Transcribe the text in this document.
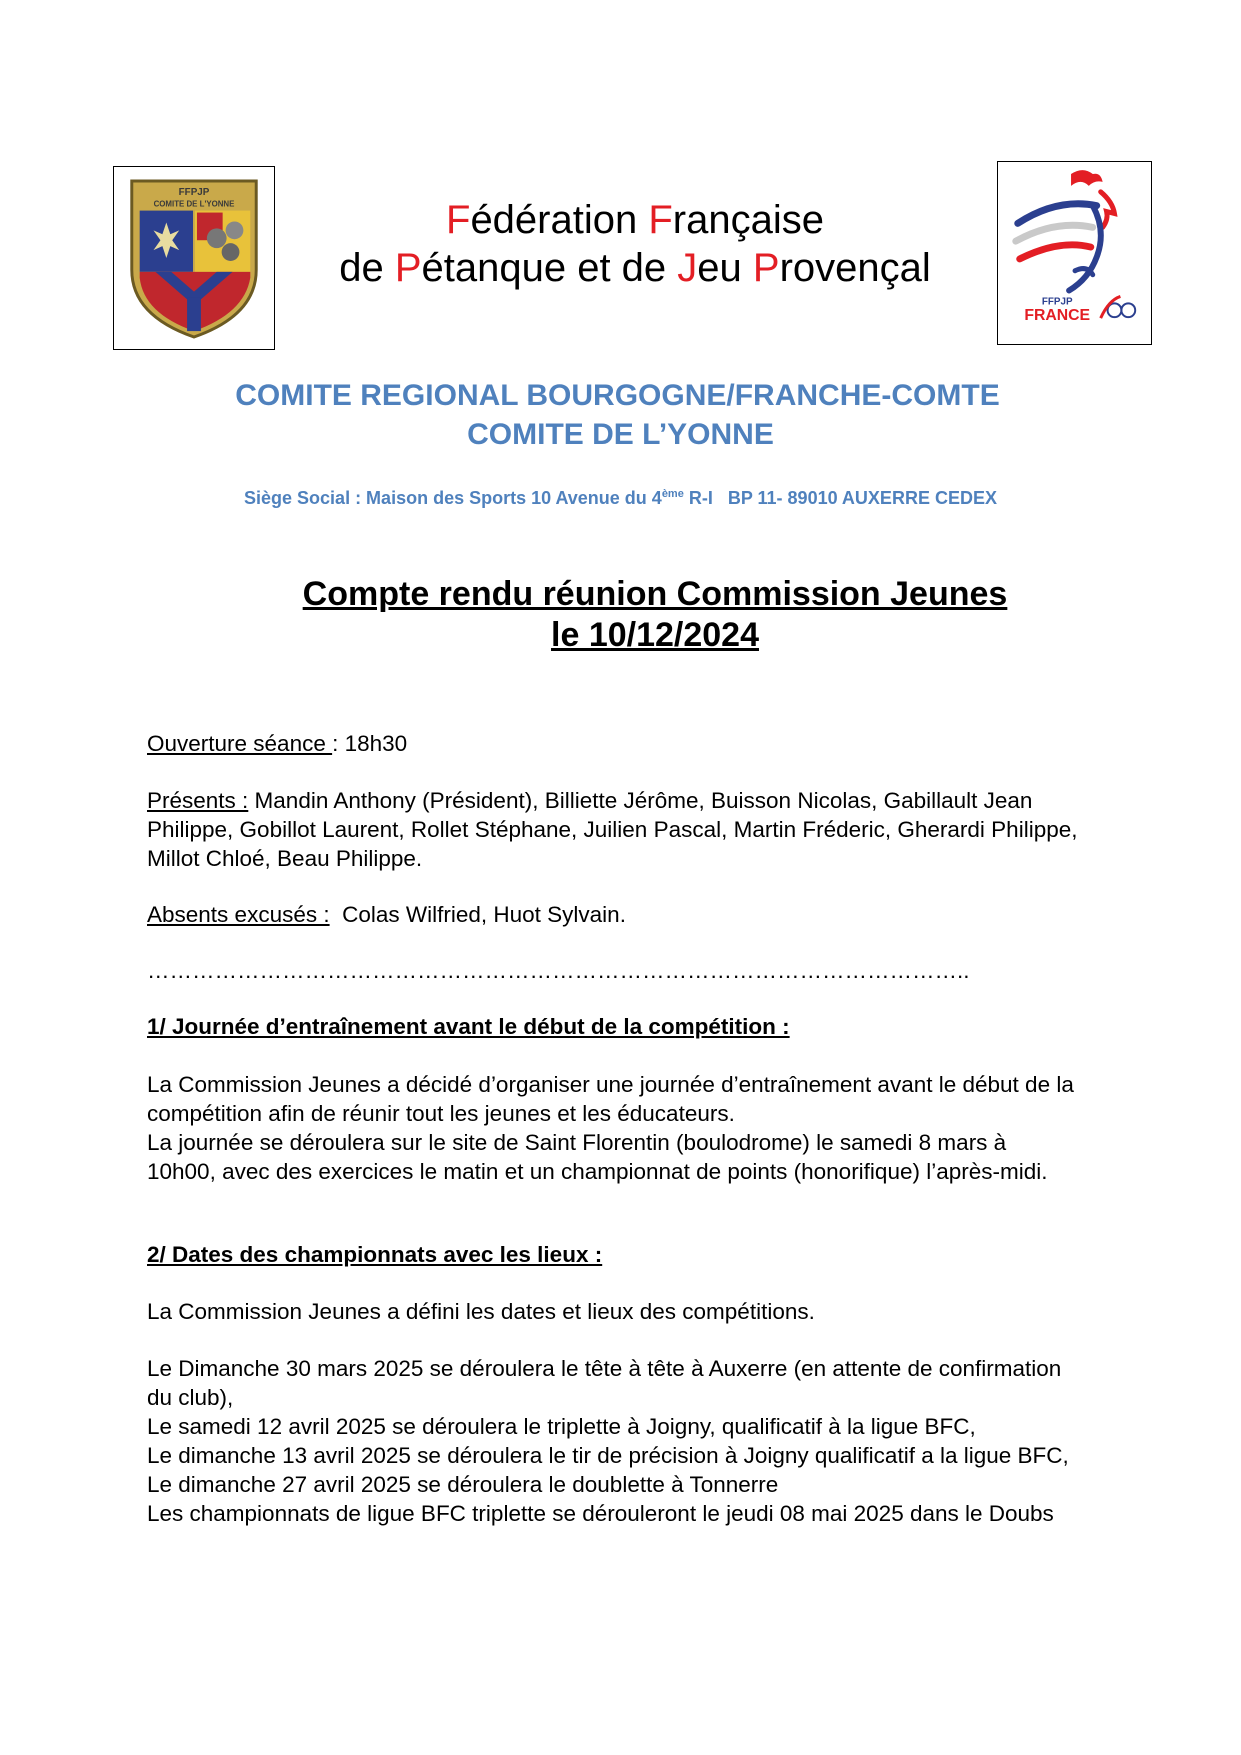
FFPJP
COMITE DE L'YONNE
FFPJP
FRANCE
Fédération Française
de Pétanque et de Jeu Provençal
COMITE REGIONAL BOURGOGNE/FRANCHE-COMTE
COMITE DE L’YONNE
Siège Social : Maison des Sports 10 Avenue du 4ème R-I   BP 11- 89010 AUXERRE CEDEX
Compte rendu réunion Commission Jeunes
le 10/12/2024
Ouverture séance : 18h30
Présents : Mandin Anthony (Président), Billiette Jérôme, Buisson Nicolas, Gabillault Jean Philippe, Gobillot Laurent, Rollet Stéphane, Juilien Pascal, Martin Fréderic, Gherardi Philippe, Millot Chloé, Beau Philippe.
Absents excusés :  Colas Wilfried, Huot Sylvain.
………………………………………………………………………………………………..
1/ Journée d’entraînement avant le début de la compétition :
La Commission Jeunes a décidé d’organiser une journée d’entraînement avant le début de la compétition afin de réunir tout les jeunes et les éducateurs.
La journée se déroulera sur le site de Saint Florentin (boulodrome) le samedi 8 mars à 10h00, avec des exercices le matin et un championnat de points (honorifique) l’après-midi.
2/ Dates des championnats avec les lieux :
La Commission Jeunes a défini les dates et lieux des compétitions.
Le Dimanche 30 mars 2025 se déroulera le tête à tête à Auxerre (en attente de confirmation du club),
Le samedi 12 avril 2025 se déroulera le triplette à Joigny, qualificatif à la ligue BFC,
Le dimanche 13 avril 2025 se déroulera le tir de précision à Joigny qualificatif a la ligue BFC,
Le dimanche 27 avril 2025 se déroulera le doublette à Tonnerre
Les championnats de ligue BFC triplette se dérouleront le jeudi 08 mai 2025 dans le Doubs
